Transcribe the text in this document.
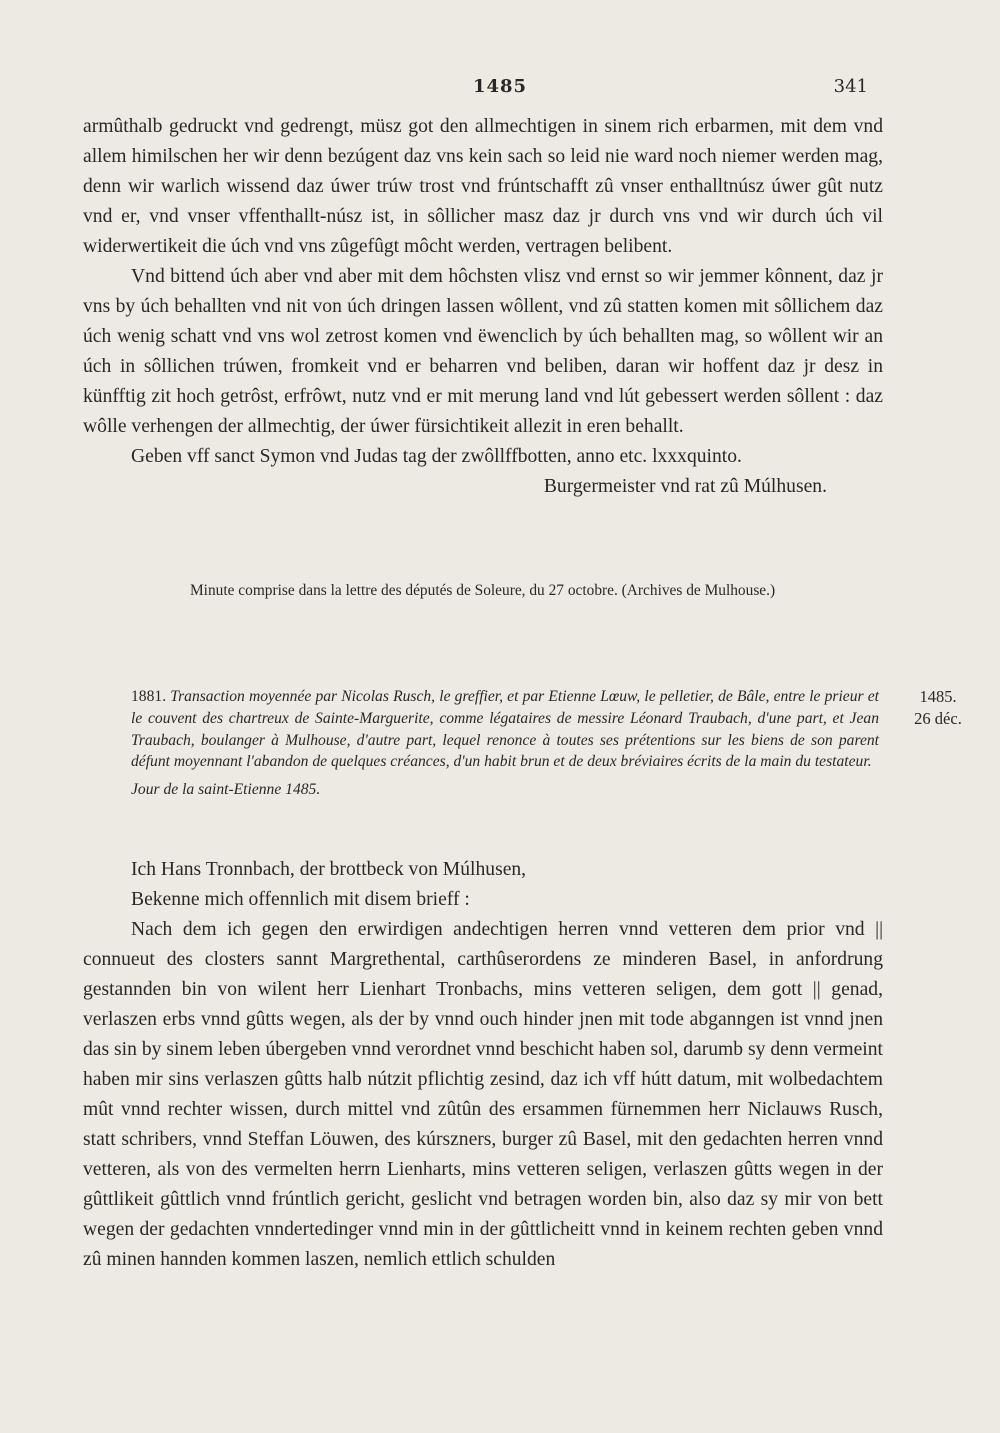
1485	341

armûthalb gedruckt vnd gedrengt, müsz got den allmechtigen in sinem rich erbarmen, mit dem vnd allem himilschen her wir denn bezúgent daz vns kein sach so leid nie ward noch niemer werden mag, denn wir warlich wissend daz úwer trúw trost vnd frúntschafft zû vnser enthalltnúsz úwer gût nutz vnd er, vnd vnser vffenthallt-núsz ist, in sôllicher masz daz jr durch vns vnd wir durch úch vil widerwertikeit die úch vnd vns zûgefûgt môcht werden, vertragen belibent.

Vnd bittend úch aber vnd aber mit dem hôchsten vlisz vnd ernst so wir jemmer kônnent, daz jr vns by úch behallten vnd nit von úch dringen lassen wôllent, vnd zû statten komen mit sôllichem daz úch wenig schatt vnd vns wol zetrost komen vnd ëwenclich by úch behallten mag, so wôllent wir an úch in sôllichen trúwen, fromkeit vnd er beharren vnd beliben, daran wir hoffent daz jr desz in künfftig zit hoch getrôst, erfrôwt, nutz vnd er mit merung land vnd lút gebessert werden sôllent : daz wôlle verhengen der allmechtig, der úwer fürsichtikeit allezit in eren behallt.

Geben vff sanct Symon vnd Judas tag der zwôllffbotten, anno etc. lxxxquinto.

Burgermeister vnd rat zû Múlhusen.

Minute comprise dans la lettre des députés de Soleure, du 27 octobre. (Archives de Mulhouse.)
1881. Transaction moyennée par Nicolas Rusch, le greffier, et par Etienne Lœuw, le pelletier, de Bâle, entre le prieur et le couvent des chartreux de Sainte-Marguerite, comme légataires de messire Léonard Traubach, d'une part, et Jean Traubach, boulanger à Mulhouse, d'autre part, lequel renonce à toutes ses prétentions sur les biens de son parent défunt moyennant l'abandon de quelques créances, d'un habit brun et de deux bréviaires écrits de la main du testateur.
Jour de la saint-Etienne 1485.
1485.
26 déc.

Ich Hans Tronnbach, der brottbeck von Múlhusen,

Bekenne mich offennlich mit disem brieff :

Nach dem ich gegen den erwirdigen andechtigen herren vnnd vetteren dem prior vnd || connueut des closters sannt Margrethental, carthûserordens ze minderen Basel, in anfordrung gestannden bin von wilent herr Lienhart Tronbachs, mins vetteren seligen, dem gott || genad, verlaszen erbs vnnd gûtts wegen, als der by vnnd ouch hinder jnen mit tode abganngen ist vnnd jnen das sin by sinem leben úbergeben vnnd verordnet vnnd beschicht haben sol, darumb sy denn vermeint haben mir sins verlaszen gûtts halb nútzit pflichtig zesind, daz ich vff hútt datum, mit wolbedachtem mût vnnd rechter wissen, durch mittel vnd zûtûn des ersammen fürnemmen herr Niclauws Rusch, statt schribers, vnnd Steffan Löuwen, des kúrszners, burger zû Basel, mit den gedachten herren vnnd vetteren, als von des vermelten herrn Lienharts, mins vetteren seligen, verlaszen gûtts wegen in der gûttlikeit gûttlich vnnd frúntlich gericht, geslicht vnd betragen worden bin, also daz sy mir von bett wegen der gedachten vnndertedinger vnnd min in der gûttlicheitt vnnd in keinem rechten geben vnnd zû minen hannden kommen laszen, nemlich ettlich schulden
